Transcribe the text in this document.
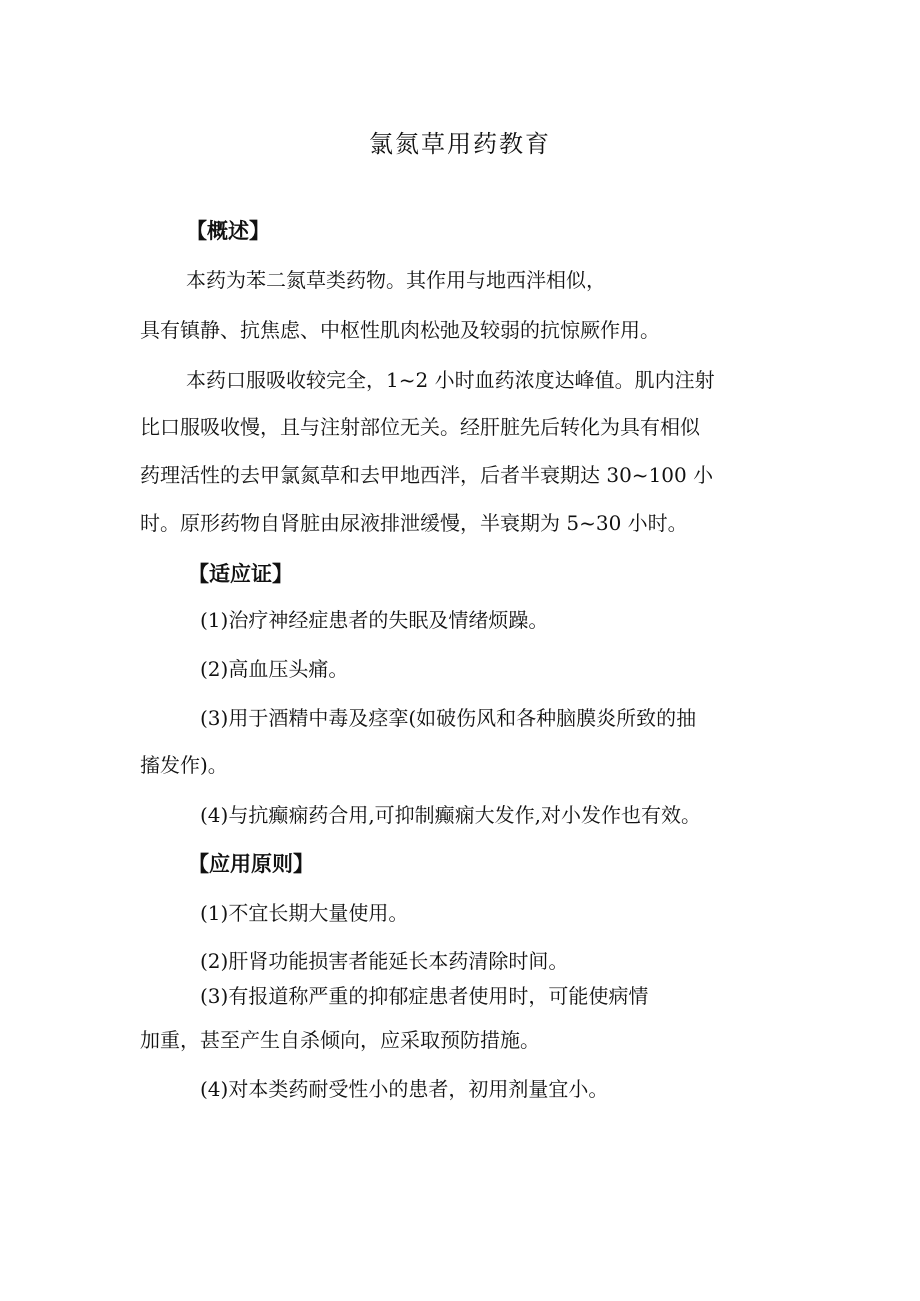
氯氮草用药教育

【概述】

本药为苯二氮草类药物。其作用与地西泮相似，

具有镇静、抗焦虑、中枢性肌肉松弛及较弱的抗惊厥作用。

本药口服吸收较完全，1~2 小时血药浓度达峰值。肌内注射

比口服吸收慢，且与注射部位无关。经肝脏先后转化为具有相似

药理活性的去甲氯氮草和去甲地西泮，后者半衰期达 30~100 小

时。原形药物自肾脏由尿液排泄缓慢，半衰期为 5~30 小时。

【适应证】

(1)治疗神经症患者的失眠及情绪烦躁。

(2)高血压头痛。

(3)用于酒精中毒及痉挛(如破伤风和各种脑膜炎所致的抽

搐发作)。

(4)与抗癫痫药合用,可抑制癫痫大发作,对小发作也有效。

【应用原则】

(1)不宜长期大量使用。

(2)肝肾功能损害者能延长本药清除时间。

(3)有报道称严重的抑郁症患者使用时，可能使病情

加重，甚至产生自杀倾向，应采取预防措施。

(4)对本类药耐受性小的患者，初用剂量宜小。
